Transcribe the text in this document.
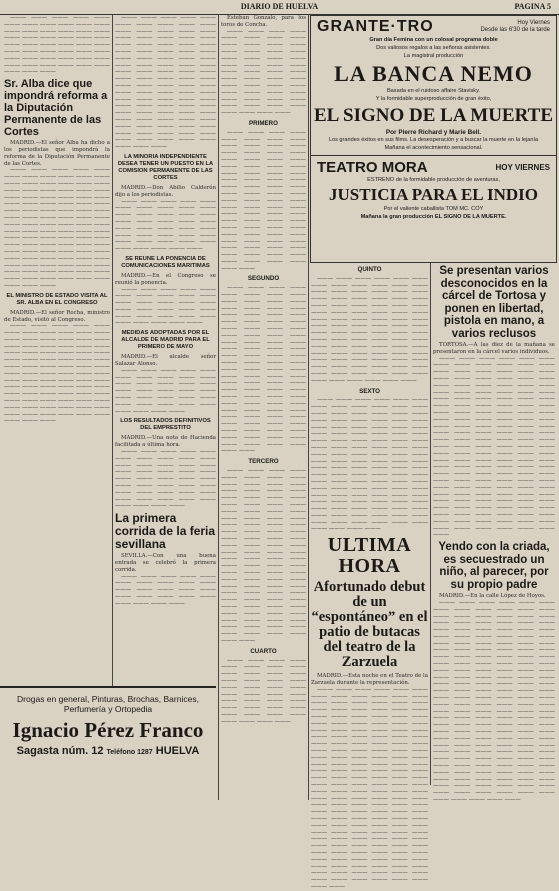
DIARIO DE HUELVA	PAGINA 5

——— ——— ——— ——— ——— ——— ——— ——— ——— ——— ——— ——— ——— ——— ——— ——— ——— ——— ——— ——— ——— ——— ——— ——— ——— ——— ——— ——— ——— ——— ——— ——— ——— ——— ——— ——— ——— ——— ——— ——— ——— ——— ——— ——— ——— ——— ——— ——— ——— ———

Sr. Alba dice que impondrá reforma a la Diputación Permanente de las Cortes

MADRID.—El señor Alba ha dicho a los periodistas que impondrá la reforma de la Diputación Permanente de las Cortes.

——— ——— ——— ——— ——— ——— ——— ——— ——— ——— ——— ——— ——— ——— ——— ——— ——— ——— ——— ——— ——— ——— ——— ——— ——— ——— ——— ——— ——— ——— ——— ——— ——— ——— ——— ——— ——— ——— ——— ——— ——— ——— ——— ——— ——— ——— ——— ——— ——— ——— ——— ——— ——— ——— ——— ——— ——— ——— ——— ——— ——— ——— ——— ——— ——— ——— ——— ——— ——— ——— ——— ——— ——— ——— ——— ——— ——— ——— ——— ——— ——— ——— ——— ——— ——— ——— ——— ——— ——— ——— ——— ——— ——— ——— ——— ——— ——— ——— ——— ——— ——— ——— ——— ———

EL MINISTRO DE ESTADO VISITA AL SR. ALBA EN EL CONGRESO

MADRID.—El señor Rocha, ministro de Estado, visitó al Congreso.

——— ——— ——— ——— ——— ——— ——— ——— ——— ——— ——— ——— ——— ——— ——— ——— ——— ——— ——— ——— ——— ——— ——— ——— ——— ——— ——— ——— ——— ——— ——— ——— ——— ——— ——— ——— ——— ——— ——— ——— ——— ——— ——— ——— ——— ——— ——— ——— ——— ——— ——— ——— ——— ——— ——— ——— ——— ——— ——— ——— ——— ——— ——— ——— ——— ——— ——— ——— ——— ——— ——— ——— ——— ——— ——— ——— ——— ——— ——— ——— ——— ——— ——— ——— ——— ———

——— ——— ——— ——— ——— ——— ——— ——— ——— ——— ——— ——— ——— ——— ——— ——— ——— ——— ——— ——— ——— ——— ——— ——— ——— ——— ——— ——— ——— ——— ——— ——— ——— ——— ——— ——— ——— ——— ——— ——— ——— ——— ——— ——— ——— ——— ——— ——— ——— ——— ——— ——— ——— ——— ——— ——— ——— ——— ——— ——— ——— ——— ——— ——— ——— ——— ——— ——— ——— ——— ——— ——— ——— ——— ——— ——— ——— ——— ——— ——— ——— ——— ——— ——— ——— ——— ——— ——— ——— ——— ——— ——— ——— ——— ——— ——— ——— ———

LA MINORIA INDEPENDIENTE DESEA TENER UN PUESTO EN LA COMISION PERMANENTE DE LAS CORTES

MADRID.—Don Abilio Calderón dijo a los periodistas.

——— ——— ——— ——— ——— ——— ——— ——— ——— ——— ——— ——— ——— ——— ——— ——— ——— ——— ——— ——— ——— ——— ——— ——— ——— ——— ——— ——— ——— ——— ——— ——— ——— ——— ——— ——— ——— ——— ——— ———

SE REUNE LA PONENCIA DE COMUNICACIONES MARITIMAS

MADRID.—En el Congreso se reunió la ponencia.

——— ——— ——— ——— ——— ——— ——— ——— ——— ——— ——— ——— ——— ——— ——— ——— ——— ——— ——— ——— ——— ——— ——— ——— ——— ——— ——— ——— ——— ———

MEDIDAS ADOPTADAS POR EL ALCALDE DE MADRID PARA EL PRIMERO DE MAYO

MADRID.—El alcalde señor Salazar Alonso.

——— ——— ——— ——— ——— ——— ——— ——— ——— ——— ——— ——— ——— ——— ——— ——— ——— ——— ——— ——— ——— ——— ——— ——— ——— ——— ——— ——— ——— ——— ——— ——— ——— ———

LOS RESULTADOS DEFINITIVOS DEL EMPRESTITO

MADRID.—Una nota de Hacienda facilitada a última hora.

——— ——— ——— ——— ——— ——— ——— ——— ——— ——— ——— ——— ——— ——— ——— ——— ——— ——— ——— ——— ——— ——— ——— ——— ——— ——— ——— ——— ——— ——— ——— ——— ——— ——— ——— ——— ——— ——— ——— ——— ——— ——— ——— ———

La primera corrida de la feria sevillana

SEVILLA.—Con una buena entrada se celebró la primera corrida.

——— ——— ——— ——— ——— ——— ——— ——— ——— ——— ——— ——— ——— ——— ——— ——— ——— ——— ——— ——— ——— ——— ——— ———

Drogas en general, Pinturas, Brochas, Barnices,
Perfumería y Ortopedia
Ignacio Pérez Franco
Sagasta núm. 12 Teléfono 1287 HUELVA

Esteban Gonzalo, para los toros de Concha.

——— ——— ——— ——— ——— ——— ——— ——— ——— ——— ——— ——— ——— ——— ——— ——— ——— ——— ——— ——— ——— ——— ——— ——— ——— ——— ——— ——— ——— ——— ——— ——— ——— ——— ——— ——— ——— ——— ——— ——— ——— ——— ——— ——— ——— ——— ——— ——— ——— ——— ——— ———

PRIMERO

——— ——— ——— ——— ——— ——— ——— ——— ——— ——— ——— ——— ——— ——— ——— ——— ——— ——— ——— ——— ——— ——— ——— ——— ——— ——— ——— ——— ——— ——— ——— ——— ——— ——— ——— ——— ——— ——— ——— ——— ——— ——— ——— ——— ——— ——— ——— ——— ——— ——— ——— ——— ——— ——— ——— ——— ——— ——— ——— ——— ——— ——— ——— ——— ——— ——— ——— ——— ——— ——— ——— ——— ——— ——— ——— ——— ——— ——— ——— ——— ——— ———

SEGUNDO

——— ——— ——— ——— ——— ——— ——— ——— ——— ——— ——— ——— ——— ——— ——— ——— ——— ——— ——— ——— ——— ——— ——— ——— ——— ——— ——— ——— ——— ——— ——— ——— ——— ——— ——— ——— ——— ——— ——— ——— ——— ——— ——— ——— ——— ——— ——— ——— ——— ——— ——— ——— ——— ——— ——— ——— ——— ——— ——— ——— ——— ——— ——— ——— ——— ——— ——— ——— ——— ——— ——— ——— ——— ——— ——— ——— ——— ——— ——— ——— ——— ——— ——— ——— ——— ——— ——— ——— ——— ——— ——— ——— ——— ——— ——— ——— ——— ———

TERCERO

——— ——— ——— ——— ——— ——— ——— ——— ——— ——— ——— ——— ——— ——— ——— ——— ——— ——— ——— ——— ——— ——— ——— ——— ——— ——— ——— ——— ——— ——— ——— ——— ——— ——— ——— ——— ——— ——— ——— ——— ——— ——— ——— ——— ——— ——— ——— ——— ——— ——— ——— ——— ——— ——— ——— ——— ——— ——— ——— ——— ——— ——— ——— ——— ——— ——— ——— ——— ——— ——— ——— ——— ——— ——— ——— ——— ——— ——— ——— ——— ——— ——— ——— ——— ——— ——— ——— ——— ——— ——— ——— ——— ——— ——— ——— ——— ——— ——— ——— ——— ——— ———

CUARTO

——— ——— ——— ——— ——— ——— ——— ——— ——— ——— ——— ——— ——— ——— ——— ——— ——— ——— ——— ——— ——— ——— ——— ——— ——— ——— ——— ——— ——— ——— ——— ——— ——— ——— ——— ——— ——— ——— ——— ———

GRANTE·TRO	Hoy Viernes
Desde las 6'30 de la tarde
Gran día Femina con un colosal programa doble
Dos valiosos regalos a las señoras asistentes.
La magistral producción
LA BANCA NEMO
Basada en el ruidoso affaire Stavisky.
Y la formidable superproducción de gran éxito,
EL SIGNO DE LA MUERTE
Por Pierre Richard y Marie Bell.
Los grandes éxitos en sus films. La desesperación y a buscar la muerte en la lejanía
Mañana el acontecimiento sensacional.
TEATRO MORA	HOY VIERNES
ESTRENO de la formidable producción de aventuras,
JUSTICIA PARA EL INDIO
Por el valiente caballista TOM MC. COY
Mañana la gran producción EL SIGNO DE LA MUERTE.
QUINTO

——— ——— ——— ——— ——— ——— ——— ——— ——— ——— ——— ——— ——— ——— ——— ——— ——— ——— ——— ——— ——— ——— ——— ——— ——— ——— ——— ——— ——— ——— ——— ——— ——— ——— ——— ——— ——— ——— ——— ——— ——— ——— ——— ——— ——— ——— ——— ——— ——— ——— ——— ——— ——— ——— ——— ——— ——— ——— ——— ——— ——— ——— ——— ——— ——— ——— ——— ——— ——— ——— ——— ——— ——— ——— ——— ——— ——— ——— ——— ——— ——— ——— ——— ——— ——— ——— ——— ——— ——— ——— ——— ——— ——— ——— ——— ———

SEXTO

——— ——— ——— ——— ——— ——— ——— ——— ——— ——— ——— ——— ——— ——— ——— ——— ——— ——— ——— ——— ——— ——— ——— ——— ——— ——— ——— ——— ——— ——— ——— ——— ——— ——— ——— ——— ——— ——— ——— ——— ——— ——— ——— ——— ——— ——— ——— ——— ——— ——— ——— ——— ——— ——— ——— ——— ——— ——— ——— ——— ——— ——— ——— ——— ——— ——— ——— ——— ——— ——— ——— ——— ——— ——— ——— ——— ——— ——— ——— ——— ——— ——— ——— ——— ——— ——— ——— ——— ——— ——— ——— ——— ——— ——— ——— ——— ——— ——— ——— ——— ——— ——— ——— ——— ——— ——— ——— ——— ——— ——— ——— ——— ——— ——— ——— ——— ——— ———

ULTIMA HORA
Afortunado debut de un “espontáneo” en el patio de butacas del teatro de la Zarzuela

MADRID.—Esta noche en el Teatro de la Zarzuela durante la representación.

——— ——— ——— ——— ——— ——— ——— ——— ——— ——— ——— ——— ——— ——— ——— ——— ——— ——— ——— ——— ——— ——— ——— ——— ——— ——— ——— ——— ——— ——— ——— ——— ——— ——— ——— ——— ——— ——— ——— ——— ——— ——— ——— ——— ——— ——— ——— ——— ——— ——— ——— ——— ——— ——— ——— ——— ——— ——— ——— ——— ——— ——— ——— ——— ——— ——— ——— ——— ——— ——— ——— ——— ——— ——— ——— ——— ——— ——— ——— ——— ——— ——— ——— ——— ——— ——— ——— ——— ——— ——— ——— ——— ——— ——— ——— ——— ——— ——— ——— ——— ——— ——— ——— ——— ——— ——— ——— ——— ——— ——— ——— ——— ——— ——— ——— ——— ——— ——— ——— ——— ——— ——— ——— ——— ——— ——— ——— ——— ——— ——— ——— ——— ——— ——— ——— ——— ——— ——— ——— ——— ——— ——— ——— ——— ——— ——— ——— ——— ——— ——— ——— ——— ——— ——— ——— ——— ——— ——— ——— ——— ——— ——— ——— ——— ——— ——— ——— ——— ——— ——— ——— ——— ——— ——— ——— ———

Se presentan varios desconocidos en la cárcel de Tortosa y ponen en libertad, pistola en mano, a varios reclusos

TORTOSA.—A las diez de la mañana se presentaron en la cárcel varios individuos.

——— ——— ——— ——— ——— ——— ——— ——— ——— ——— ——— ——— ——— ——— ——— ——— ——— ——— ——— ——— ——— ——— ——— ——— ——— ——— ——— ——— ——— ——— ——— ——— ——— ——— ——— ——— ——— ——— ——— ——— ——— ——— ——— ——— ——— ——— ——— ——— ——— ——— ——— ——— ——— ——— ——— ——— ——— ——— ——— ——— ——— ——— ——— ——— ——— ——— ——— ——— ——— ——— ——— ——— ——— ——— ——— ——— ——— ——— ——— ——— ——— ——— ——— ——— ——— ——— ——— ——— ——— ——— ——— ——— ——— ——— ——— ——— ——— ——— ——— ——— ——— ——— ——— ——— ——— ——— ——— ——— ——— ——— ——— ——— ——— ——— ——— ——— ——— ——— ——— ——— ——— ——— ——— ——— ——— ——— ——— ——— ——— ——— ——— ——— ——— ——— ——— ——— ——— ——— ——— ——— ——— ——— ——— ——— ——— ——— ——— ——— ——— ——— ——— ——— ——— ——— ——— ——— ———

Yendo con la criada, es secuestrado un niño, al parecer, por su propio padre

MADRID.—En la calle López de Hoyos.

——— ——— ——— ——— ——— ——— ——— ——— ——— ——— ——— ——— ——— ——— ——— ——— ——— ——— ——— ——— ——— ——— ——— ——— ——— ——— ——— ——— ——— ——— ——— ——— ——— ——— ——— ——— ——— ——— ——— ——— ——— ——— ——— ——— ——— ——— ——— ——— ——— ——— ——— ——— ——— ——— ——— ——— ——— ——— ——— ——— ——— ——— ——— ——— ——— ——— ——— ——— ——— ——— ——— ——— ——— ——— ——— ——— ——— ——— ——— ——— ——— ——— ——— ——— ——— ——— ——— ——— ——— ——— ——— ——— ——— ——— ——— ——— ——— ——— ——— ——— ——— ——— ——— ——— ——— ——— ——— ——— ——— ——— ——— ——— ——— ——— ——— ——— ——— ——— ——— ——— ——— ——— ——— ——— ——— ——— ——— ——— ——— ——— ——— ——— ——— ——— ——— ——— ——— ——— ——— ——— ——— ——— ——— ——— ——— ——— ——— ——— ——— ——— ——— ——— ——— ——— ——— ——— ——— ——— ——— ——— ——— ——— ——— ——— ——— ——— ——— ——— ——— ——— ——— ——— ——— ——— ——— ——— ——— ——— ———
